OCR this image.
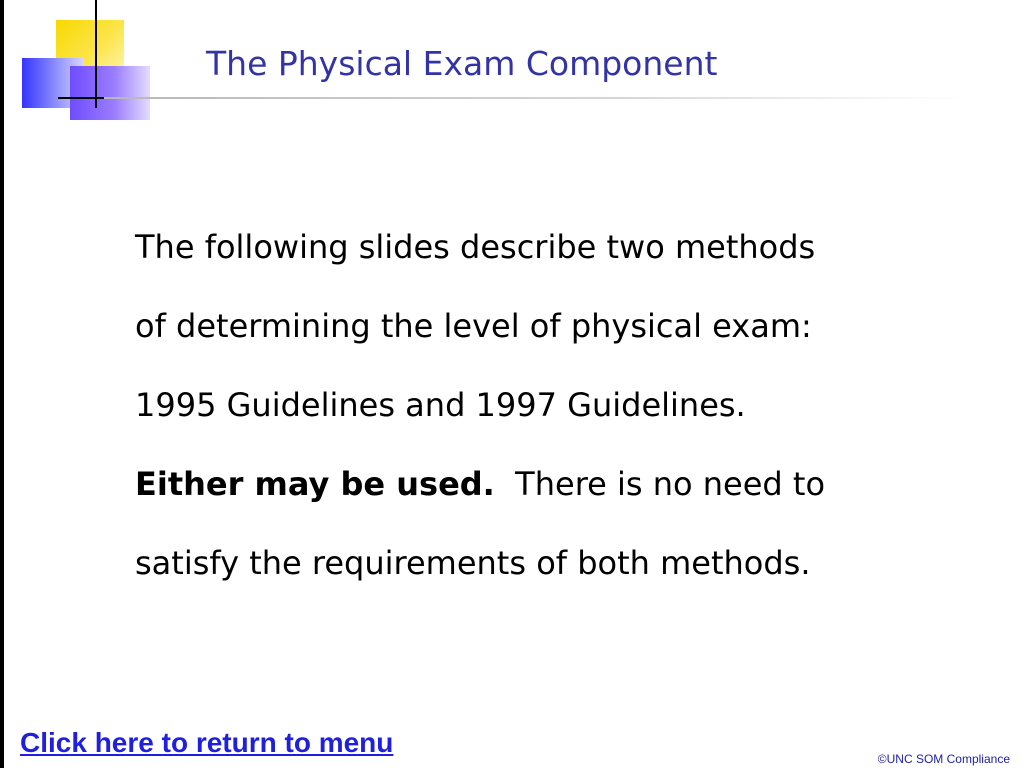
The Physical Exam Component
The following slides describe two methods
of determining the level of physical exam:
1995 Guidelines and 1997 Guidelines.
Either may be used. There is no need to
satisfy the requirements of both methods.
Click here to return to menu
©UNC SOM Compliance
